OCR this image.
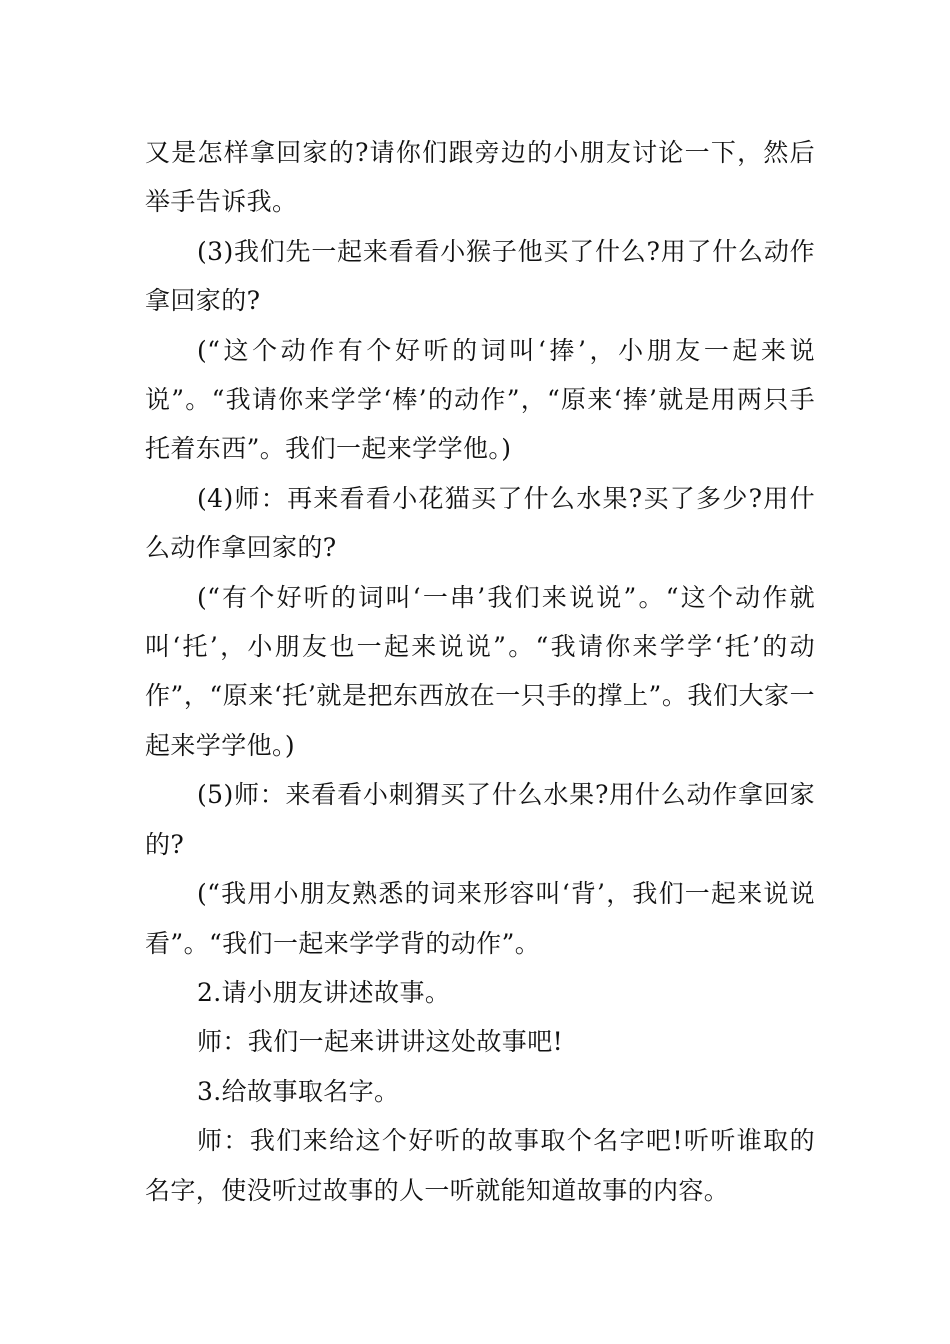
又是怎样拿回家的?请你们跟旁边的小朋友讨论一下，然后举手告诉我。

(3)我们先一起来看看小猴子他买了什么?用了什么动作拿回家的?

(“这个动作有个好听的词叫‘捧’，小朋友一起来说说”。“我请你来学学‘棒’的动作”，“原来‘捧’就是用两只手托着东西”。我们一起来学学他。)

(4)师：再来看看小花猫买了什么水果?买了多少?用什么动作拿回家的?

(“有个好听的词叫‘一串’我们来说说”。“这个动作就叫‘托’，小朋友也一起来说说”。“我请你来学学‘托’的动作”，“原来‘托’就是把东西放在一只手的撑上”。我们大家一起来学学他。)

(5)师：来看看小刺猬买了什么水果?用什么动作拿回家的?

(“我用小朋友熟悉的词来形容叫‘背’，我们一起来说说看”。“我们一起来学学背的动作”。

2.请小朋友讲述故事。

师：我们一起来讲讲这处故事吧!

3.给故事取名字。

师：我们来给这个好听的故事取个名字吧!听听谁取的名字，使没听过故事的人一听就能知道故事的内容。
